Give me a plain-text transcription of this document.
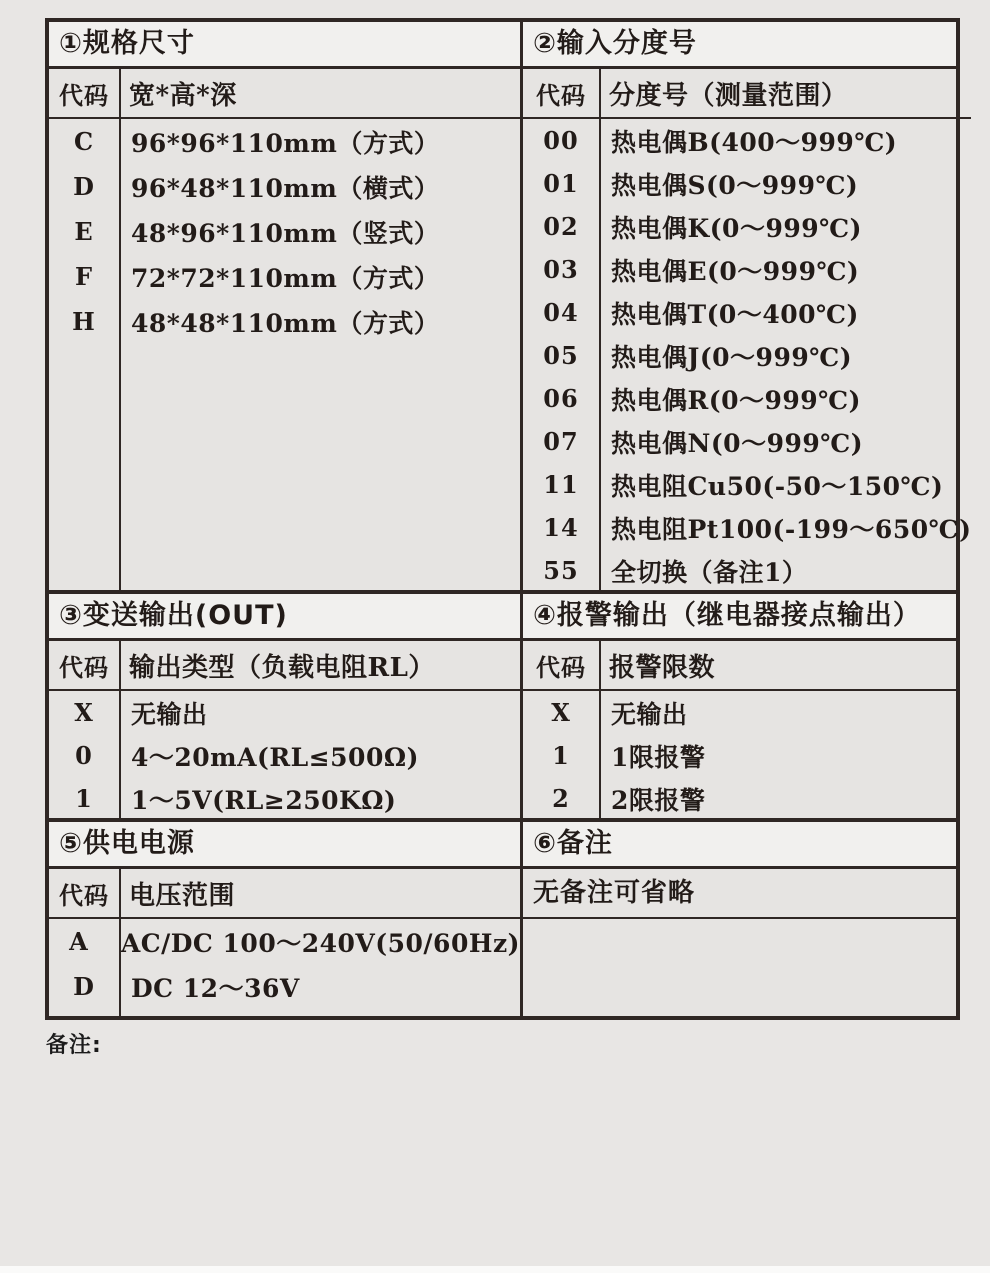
①规格尺寸	②输入分度号
代码 宽*高*深
C	96*96*110mm（方式）
D	96*48*110mm（横式）
E	48*96*110mm（竖式）
F	72*72*110mm（方式）
H	48*48*110mm（方式）
代码 分度号（测量范围）
00	热电偶B(400～999℃)
01	热电偶S(0～999℃)
02	热电偶K(0～999℃)
03	热电偶E(0～999℃)
04	热电偶T(0～400℃)
05	热电偶J(0～999℃)
06	热电偶R(0～999℃)
07	热电偶N(0～999℃)
11	热电阻Cu50(-50～150℃)
14	热电阻Pt100(-199～650℃)
55	全切换（备注1）
③变送输出(OUT)	④报警输出（继电器接点输出）
代码 输出类型（负载电阻RL）
X	无输出
0	4～20mA(RL≤500Ω)
1	1～5V(RL≥250KΩ)
代码 报警限数
X	无输出
1	1限报警
2	2限报警
⑤供电电源	⑥备注
代码 电压范围
A	AC/DC 100～240V(50/60Hz)
D	DC 12～36V
无备注可省略
备注:
